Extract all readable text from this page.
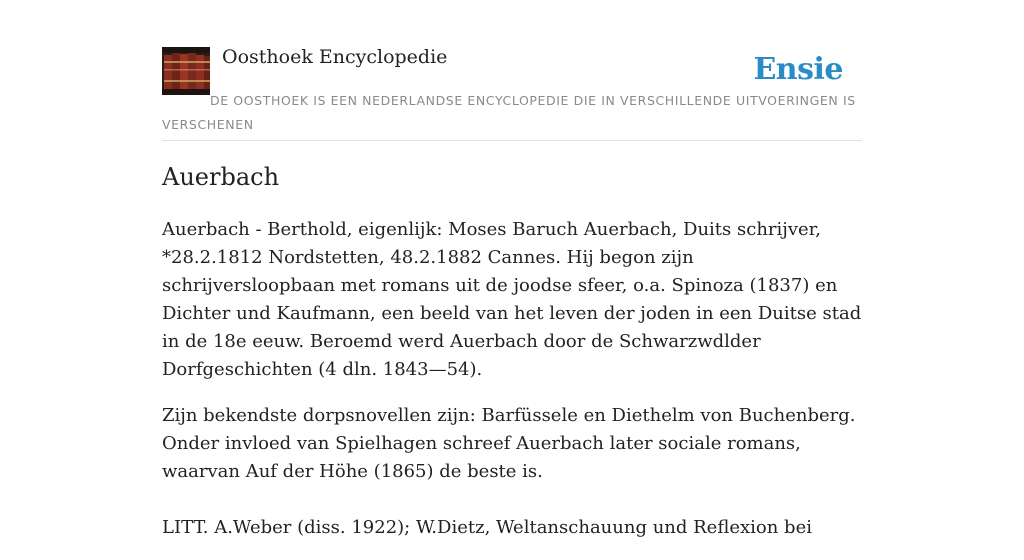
Oosthoek Encyclopedie	Ensie
DE OOSTHOEK IS EEN NEDERLANDSE ENCYCLOPEDIE DIE IN VERSCHILLENDE UITVOERINGEN IS VERSCHENEN
Auerbach

Auerbach - Berthold, eigenlijk: Moses Baruch Auerbach, Duits schrijver, *28.2.1812 Nordstetten, 48.2.1882 Cannes. Hij begon zijn schrijversloopbaan met romans uit de joodse sfeer, o.a. Spinoza (1837) en Dichter und Kaufmann, een beeld van het leven der joden in een Duitse stad in de 18e eeuw. Beroemd werd Auerbach door de Schwarzwdlder Dorfgeschichten (4 dln. 1843—54).

Zijn bekendste dorpsnovellen zijn: Barfüssele en Diethelm von Buchenberg. Onder invloed van Spielhagen schreef Auerbach later sociale romans, waarvan Auf der Höhe (1865) de beste is.

LITT. A.Weber (diss. 1922); W.Dietz, Weltanschauung und Reflexion bei
